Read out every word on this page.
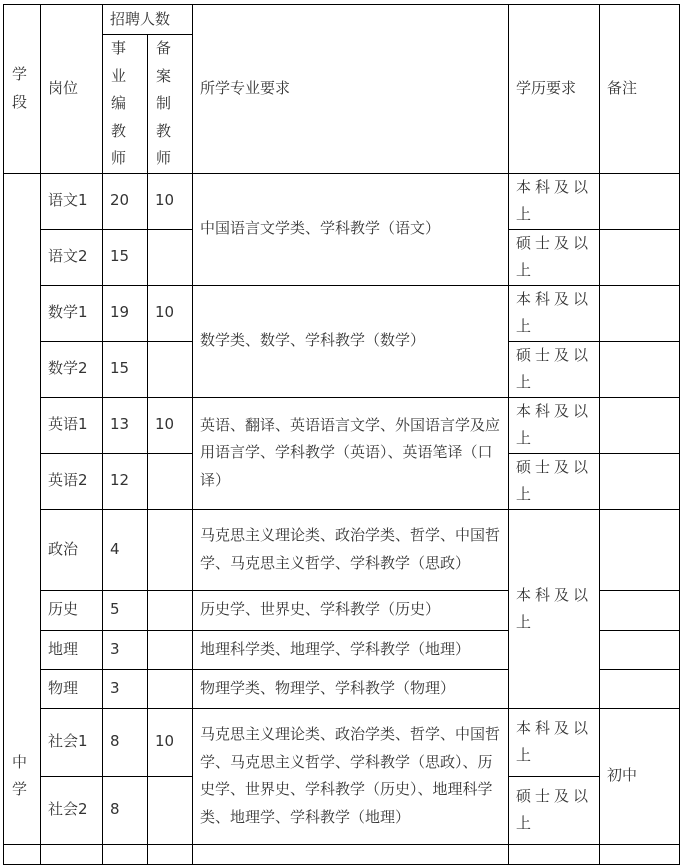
学段	岗位	招聘人数		所学专业要求	学历要求	备注

		事业编教师	备案制教师			

中学	语文1	20	10	中国语言文学类、学科教学（语文）	本科及以上	
	语文2	15			硕士及以上	
	数学1	19	10	数学类、数学、学科教学（数学）	本科及以上	
	数学2	15			硕士及以上	
	英语1	13	10	英语、翻译、英语语言文学、外国语言学及应用语言学、学科教学（英语）、英语笔译（口译）	本科及以上	
	英语2	12			硕士及以上	
	政治	4		马克思主义理论类、政治学类、哲学、中国哲学、马克思主义哲学、学科教学（思政）	本科及以上	
	历史	5		历史学、世界史、学科教学（历史）		
	地理	3		地理科学类、地理学、学科教学（地理）		
	物理	3		物理学类、物理学、学科教学（物理）		
	社会1	8	10	马克思主义理论类、政治学类、哲学、中国哲学、马克思主义哲学、学科教学（思政）、历史学、世界史、学科教学（历史）、地理科学类、地理学、学科教学（地理）	本科及以上	初中
	社会2	8			硕士及以上	
